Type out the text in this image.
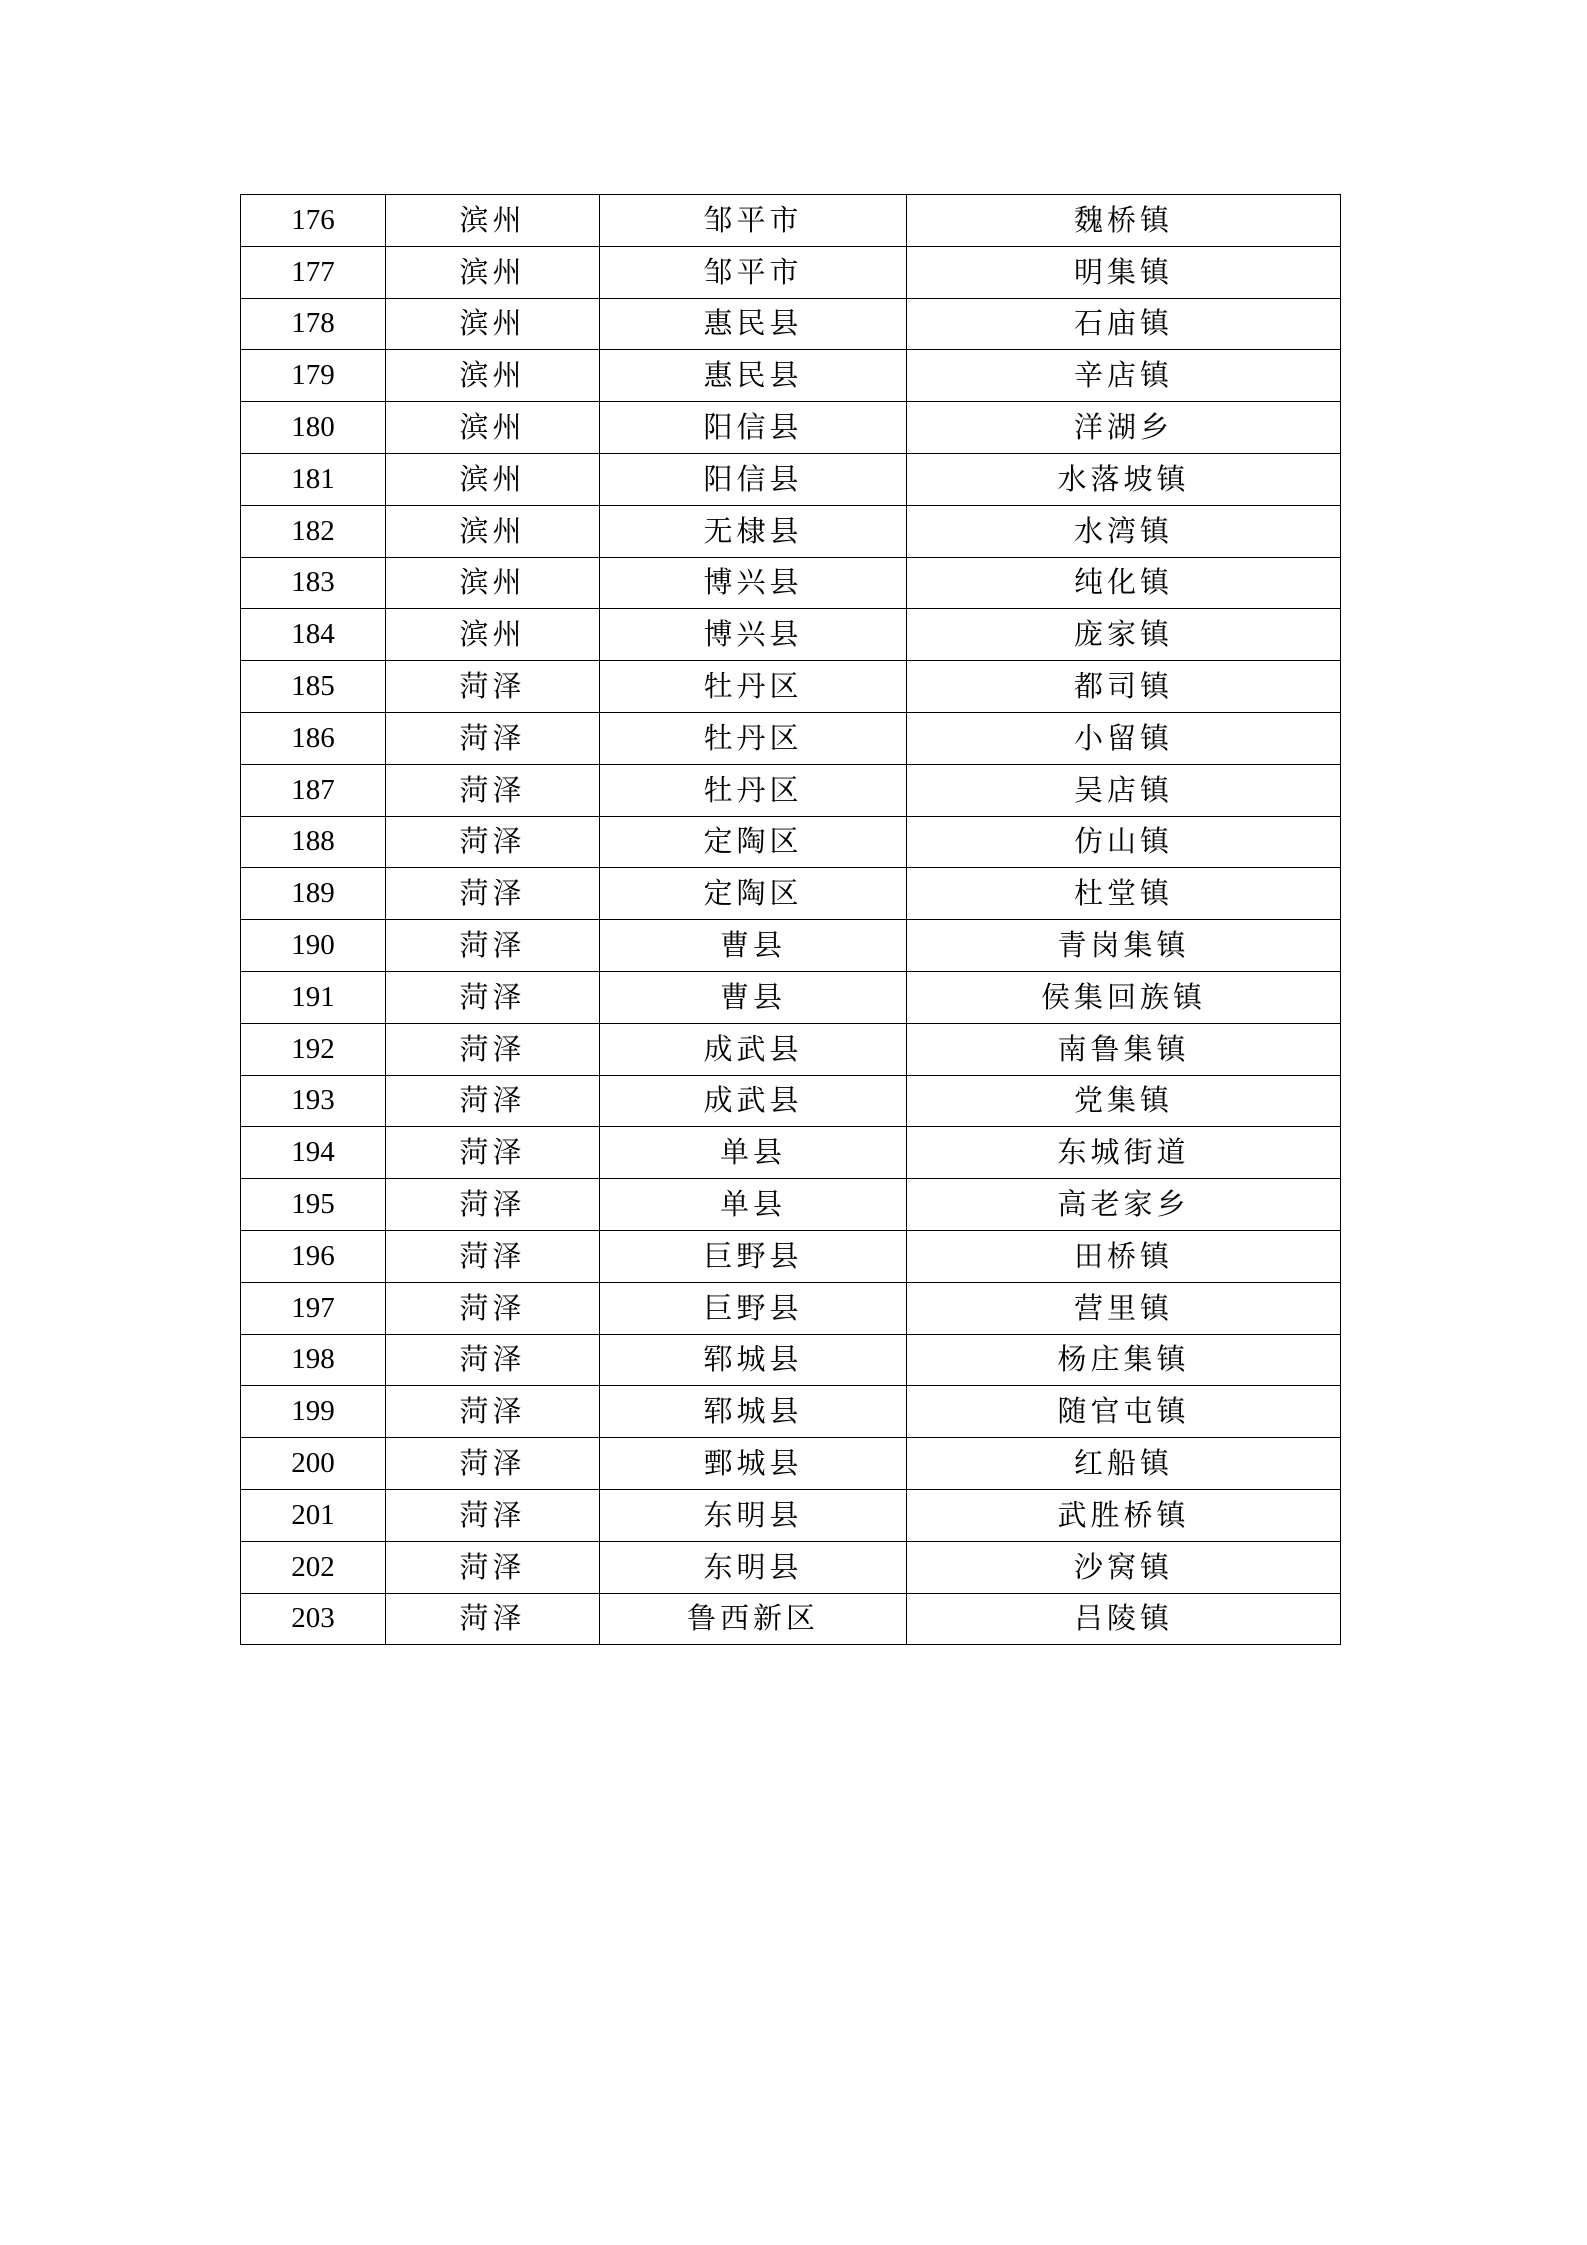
176	滨州	邹平市	魏桥镇
177	滨州	邹平市	明集镇
178	滨州	惠民县	石庙镇
179	滨州	惠民县	辛店镇
180	滨州	阳信县	洋湖乡
181	滨州	阳信县	水落坡镇
182	滨州	无棣县	水湾镇
183	滨州	博兴县	纯化镇
184	滨州	博兴县	庞家镇
185	菏泽	牡丹区	都司镇
186	菏泽	牡丹区	小留镇
187	菏泽	牡丹区	吴店镇
188	菏泽	定陶区	仿山镇
189	菏泽	定陶区	杜堂镇
190	菏泽	曹县	青岗集镇
191	菏泽	曹县	侯集回族镇
192	菏泽	成武县	南鲁集镇
193	菏泽	成武县	党集镇
194	菏泽	单县	东城街道
195	菏泽	单县	高老家乡
196	菏泽	巨野县	田桥镇
197	菏泽	巨野县	营里镇
198	菏泽	郓城县	杨庄集镇
199	菏泽	郓城县	随官屯镇
200	菏泽	鄄城县	红船镇
201	菏泽	东明县	武胜桥镇
202	菏泽	东明县	沙窝镇
203	菏泽	鲁西新区	吕陵镇
